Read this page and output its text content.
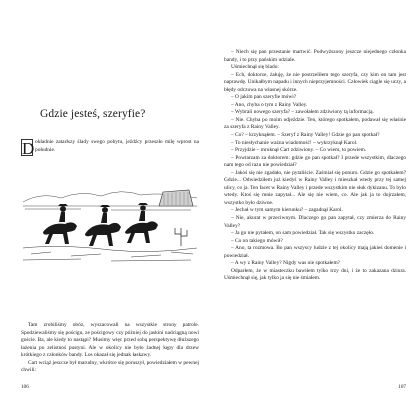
Gdzie jesteś, szeryfie?

D okładnie zatarłszy ślady swego pobytu, jeźdźcy przeszło milę wprost na południe.

Tam zrobiliśmy obóz, wyszacowali na wszystkie strony patrole. Spodziewaliśmy się pościgu, ze pościgowy czy później do jaskini nadciągną nowi goście. Ba, ale kiedy to nastąpi? Musimy więc przed sobą perspektywę dłuższego łażenia po zelistnoś pustyni. Ale w okolicy nie było żadnej kępy dla drzew krótkiego z członków bandy. Los okazał się jednak łaskawy.

Cart wciąż jeszcze był marudny, wkrótce się poruszył, powiedziałem w pewnej chwili:

106

– Niech się pan przestanie martwić. Podwyższony jeszcze niejednego członka bandy, i to przy pańskim udziale.

Uśmiechnął się blado:

– Ech, doktorze, żałuję, że nie postrzeliłem tego szeryfa, czy kim on tam jest naprawdę. Unikałbym napadu i innych nieprzyjemności. Człowiek ciągle się uczy, a błędy odczuwa na własnej skórze.

– O jakim pan szeryfie mówi?

– Ano, chyba o tym z Rainy Valley.

– Wybrali nowego szeryfa? – zawołałem zdziwiony tą informacją.

– Nie. Chyba po moim odjeździe. Ten, którego spotkałem, podawał się właśnie za szeryfa z Rainy Valley.

– Co? – krzyknąłem. – Szeryf z Rainy Valley! Gdzie go pan spotkał?

– To niesłychanie ważna wiadomość! – wykrzyknął Karol.

– Przyjdzie – mruknął Cart zdziwiony. – Co wiem, to powiem.

– Powtarzam za doktorem: gdzie go pan spotkał? I przede wszystkim, dlaczego nam tego od razu nie powiedział?

– Jakoś się nie zgadało, nie pytaliście. Zaśmiał się ponuro. Gdzie go spotkałem? Gdzie... Odwiedziłem już kiedyś w Rainy Valley i mieszkał wtedy przy tej samej ulicy, co ja. Ten facet w Rainy Valley i przede wszystkim nie słuk dykizanu. To bylo wtedy. Ktoś się mnie zapytał... Ale się nie wiem, co. Ale jak ja to dojrzałem, wszystko było dziwne.

– Jechał w tym samym kierunku? – zagadnął Karol.

– Nie, akurat w przeciwnym. Dlaczego go pan zapytał, czy zmierza do Rainy Valley?

– Ja go nie pytałem, on sam powiedział. Tak się wszystko zaczęło.

– Co on takiego mówił?

– Ano, ta rozmowa. Bo pan wszyscy ludzie z tej okolicy mają jakieś domenie i powiedział.

– A wy z Rainy Valley? Nigdy was nie spotkałem?

Odparłem, że w miasteczku bawiłem tylko trzy dni, i że to zakazana dziura. Uśmiechnął się, jak tylko ja się nie śmiałem.

107
